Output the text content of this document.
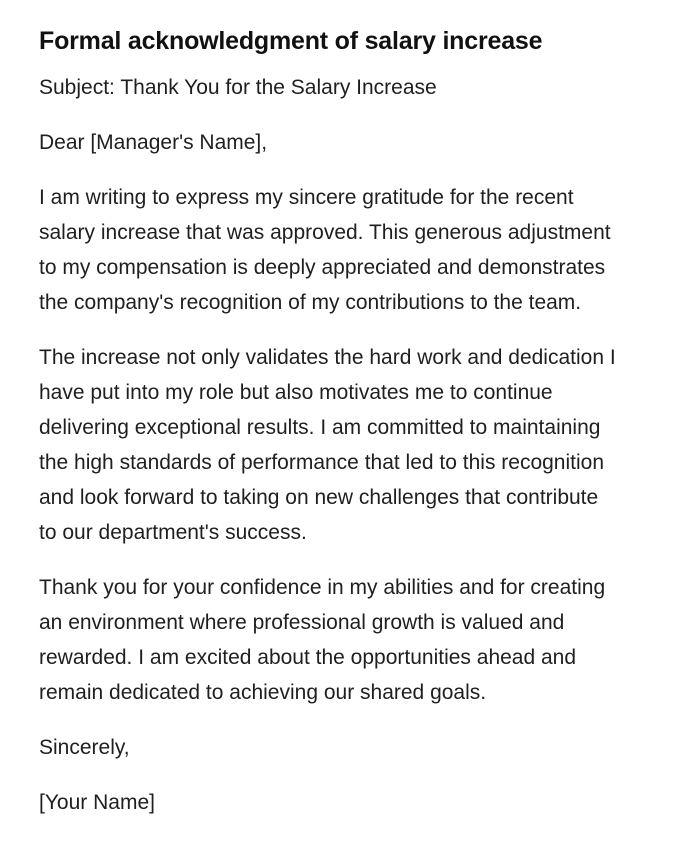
Formal acknowledgment of salary increase

Subject: Thank You for the Salary Increase

Dear [Manager's Name],

I am writing to express my sincere gratitude for the recent salary increase that was approved. This generous adjustment to my compensation is deeply appreciated and demonstrates the company's recognition of my contributions to the team.

The increase not only validates the hard work and dedication I have put into my role but also motivates me to continue delivering exceptional results. I am committed to maintaining the high standards of performance that led to this recognition and look forward to taking on new challenges that contribute to our department's success.

Thank you for your confidence in my abilities and for creating an environment where professional growth is valued and rewarded. I am excited about the opportunities ahead and remain dedicated to achieving our shared goals.

Sincerely,

[Your Name]
